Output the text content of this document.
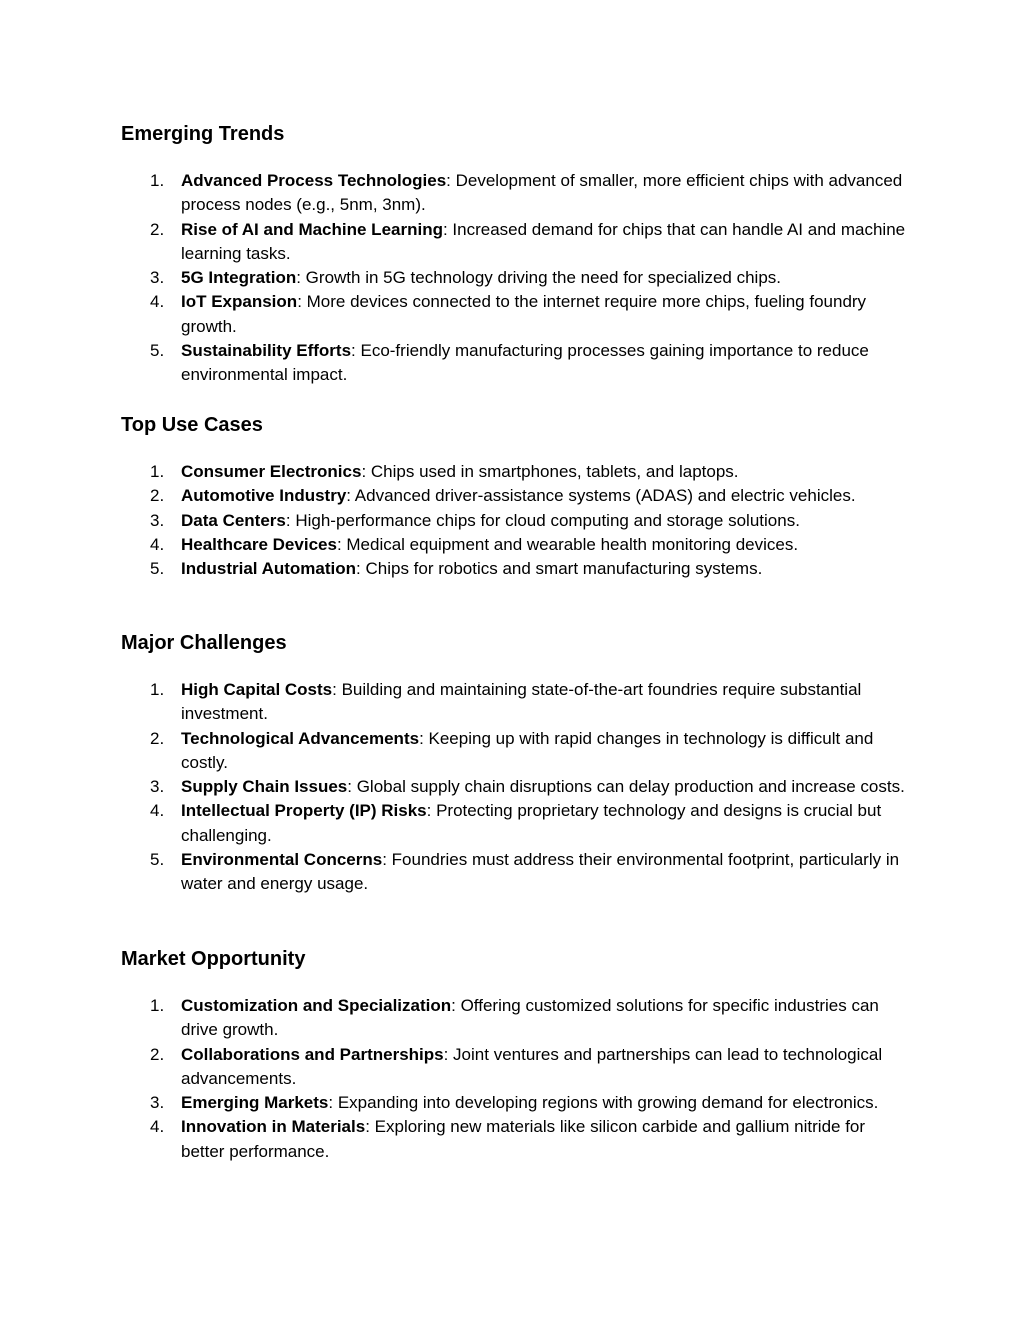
Emerging Trends
1. Advanced Process Technologies: Development of smaller, more efficient chips with advanced process nodes (e.g., 5nm, 3nm).
2. Rise of AI and Machine Learning: Increased demand for chips that can handle AI and machine learning tasks.
3. 5G Integration: Growth in 5G technology driving the need for specialized chips.
4. IoT Expansion: More devices connected to the internet require more chips, fueling foundry growth.
5. Sustainability Efforts: Eco-friendly manufacturing processes gaining importance to reduce environmental impact.
Top Use Cases
1. Consumer Electronics: Chips used in smartphones, tablets, and laptops.
2. Automotive Industry: Advanced driver-assistance systems (ADAS) and electric vehicles.
3. Data Centers: High-performance chips for cloud computing and storage solutions.
4. Healthcare Devices: Medical equipment and wearable health monitoring devices.
5. Industrial Automation: Chips for robotics and smart manufacturing systems.
Major Challenges
1. High Capital Costs: Building and maintaining state-of-the-art foundries require substantial investment.
2. Technological Advancements: Keeping up with rapid changes in technology is difficult and costly.
3. Supply Chain Issues: Global supply chain disruptions can delay production and increase costs.
4. Intellectual Property (IP) Risks: Protecting proprietary technology and designs is crucial but challenging.
5. Environmental Concerns: Foundries must address their environmental footprint, particularly in water and energy usage.
Market Opportunity
1. Customization and Specialization: Offering customized solutions for specific industries can drive growth.
2. Collaborations and Partnerships: Joint ventures and partnerships can lead to technological advancements.
3. Emerging Markets: Expanding into developing regions with growing demand for electronics.
4. Innovation in Materials: Exploring new materials like silicon carbide and gallium nitride for better performance.
